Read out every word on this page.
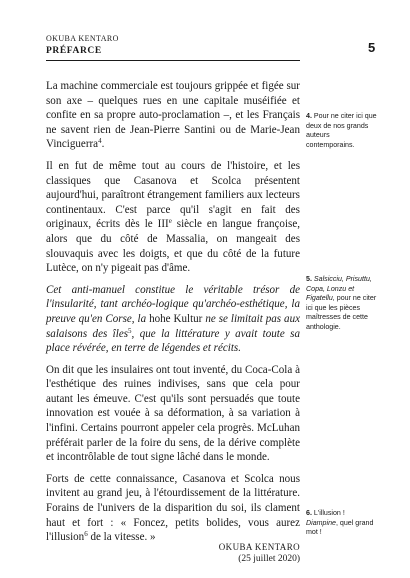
OKUBA KENTARO
PRÉFARCE	5

La machine commerciale est toujours grippée et figée sur son axe – quelques rues en une capitale muséifiée et confite en sa propre auto-proclamation –, et les Français ne savent rien de Jean-Pierre Santini ou de Marie-Jean Vinciguerra$^4$.

Il en fut de même tout au cours de l'histoire, et les classiques que Casanova et Scolca présentent aujourd'hui, paraîtront étrangement familiers aux lecteurs continentaux. C'est parce qu'il s'agit en fait des originaux, écrits dès le IIIe siècle en langue françoise, alors que du côté de Massalia, on mangeait des slouvaquis avec les doigts, et que du côté de la future Lutèce, on n'y pigeait pas d'âme.

Cet anti-manuel constitue le véritable trésor de l'insularité, tant archéo-logique qu'archéo-esthétique, la preuve qu'en Corse, la hohe Kultur ne se limitait pas aux salaisons des îles$^5$, que la littérature y avait toute sa place révérée, en terre de légendes et récits.

On dit que les insulaires ont tout inventé, du Coca-Cola à l'esthétique des ruines indivises, sans que cela pour autant les émeuve. C'est qu'ils sont persuadés que toute innovation est vouée à sa déformation, à sa variation à l'infini. Certains pourront appeler cela progrès. McLuhan préférait parler de la foire du sens, de la dérive complète et incontrôlable de tout signe lâché dans le monde.

Forts de cette connaissance, Casanova et Scolca nous invitent au grand jeu, à l'étourdissement de la littérature. Forains de l'univers de la disparition du soi, ils clament haut et fort : « Foncez, petits bolides, vous aurez l'illusion$^6$ de la vitesse. »

OKUBA KENTARO
(25 juillet 2020)
4. Pour ne citer ici que deux de nos grands auteurs contemporains.
5. Salsicciu, Prisuttu, Copa, Lonzu et Figatellu, pour ne citer ici que les pièces maîtresses de cette anthologie.
6. L'illusion ! Diampine, quel grand mot !
